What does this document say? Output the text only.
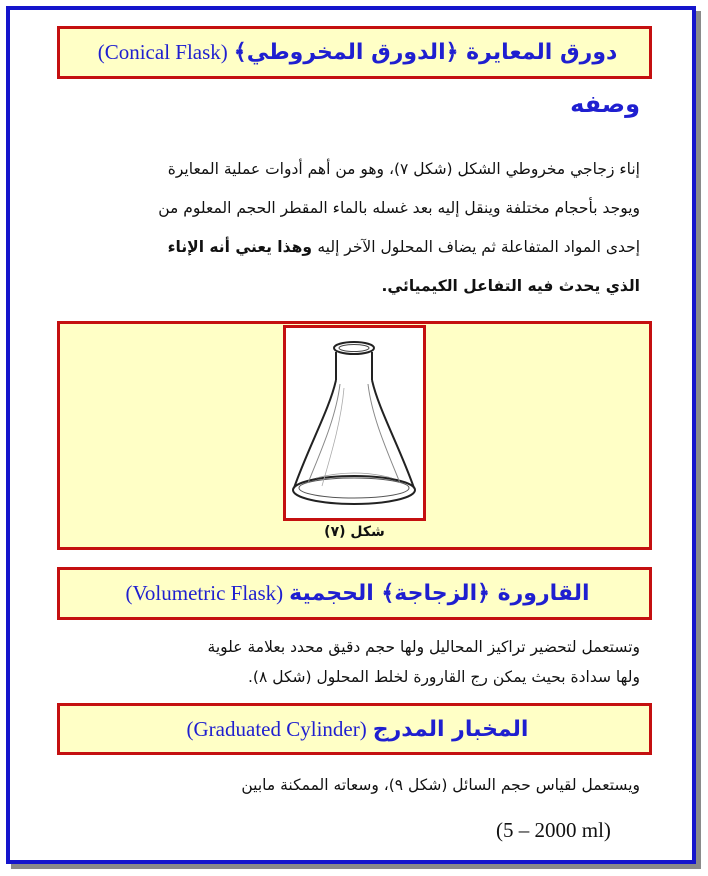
دورق المعايرة ﴿الدورق المخروطي﴾
(Conical Flask)
وصفه
إناء زجاجي مخروطي الشكل (شكل ٧)، وهو من أهم أدوات عملية المعايرة
ويوجد بأحجام مختلفة وينقل إليه بعد غسله بالماء المقطر الحجم المعلوم من
إحدى المواد المتفاعلة ثم يضاف المحلول الآخر إليه وهذا يعني أنه الإناء
الذي يحدث فيه التفاعل الكيميائي.
شكل (٧)
القارورة ﴿الزجاجة﴾ الحجمية
(Volumetric Flask)
وتستعمل لتحضير تراكيز المحاليل ولها حجم دقيق محدد بعلامة علوية
ولها سدادة بحيث يمكن رج القارورة لخلط المحلول (شكل ٨).
المخبار المدرج
(Graduated Cylinder)
ويستعمل لقياس حجم السائل (شكل ٩)، وسعاته الممكنة مابين
(5 – 2000 ml)
